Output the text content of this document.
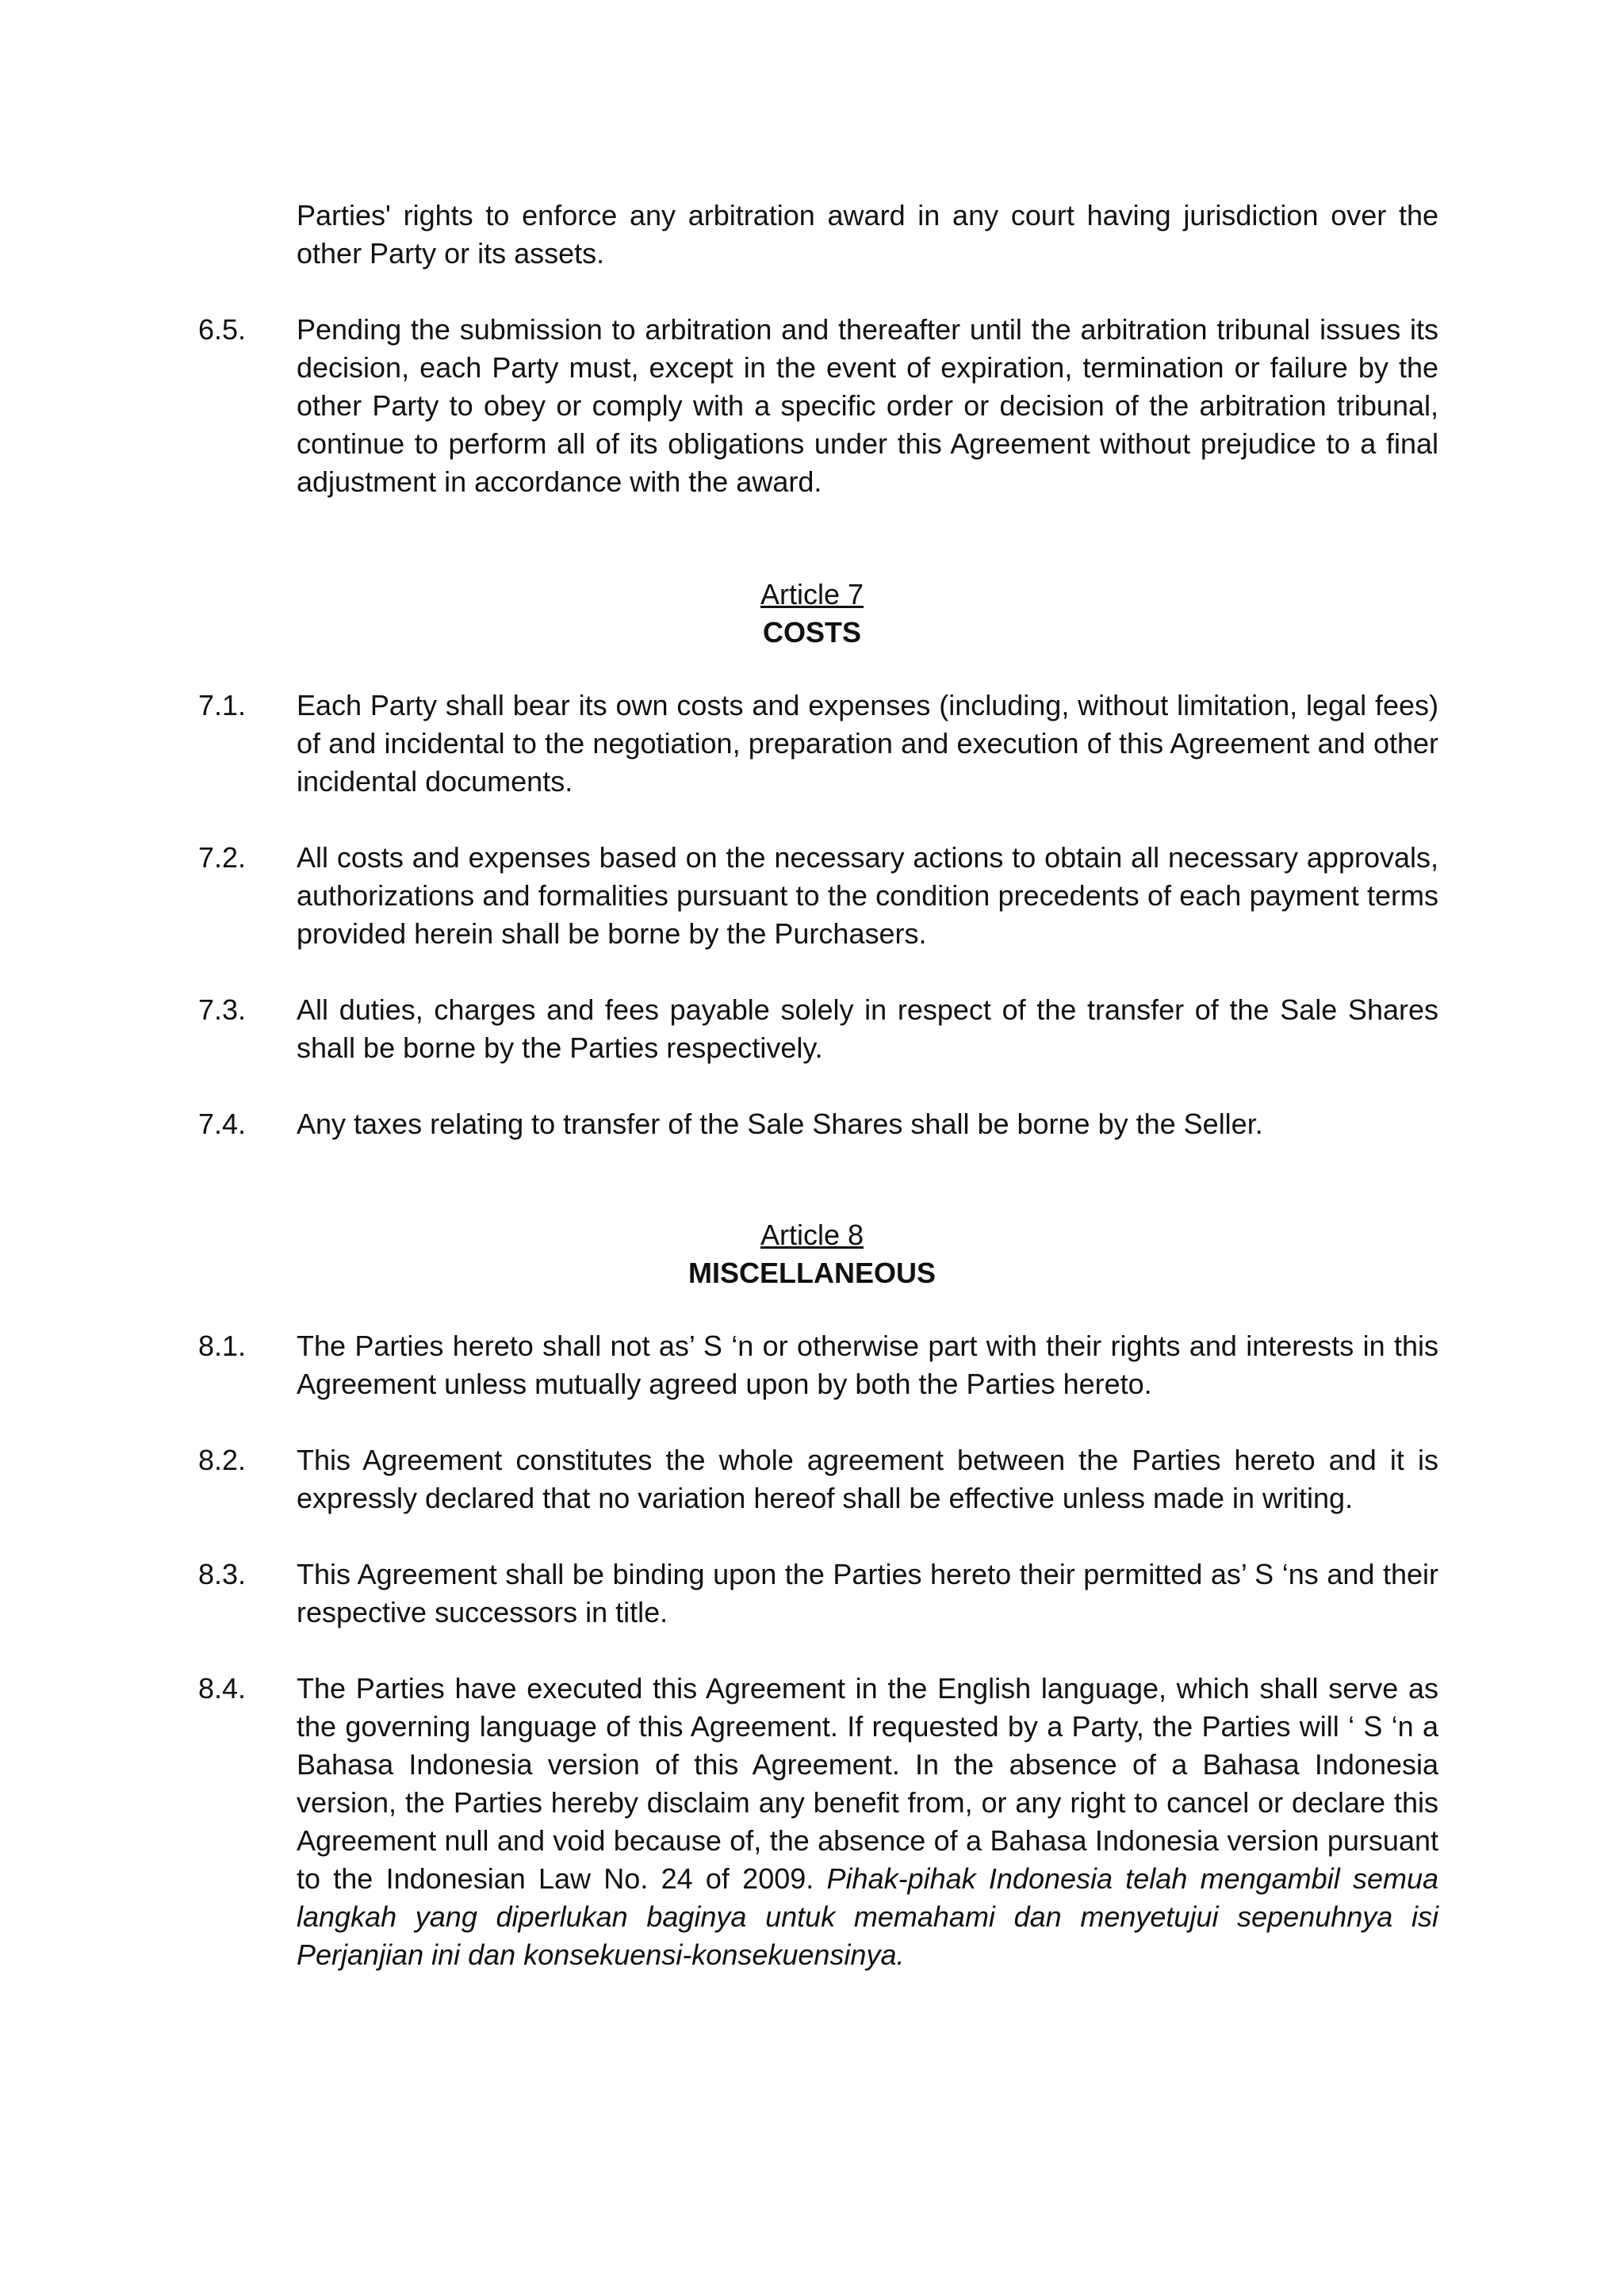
Parties' rights to enforce any arbitration award in any court having jurisdiction over the other Party or its assets.

6.5. Pending the submission to arbitration and thereafter until the arbitration tribunal issues its decision, each Party must, except in the event of expiration, termination or failure by the other Party to obey or comply with a specific order or decision of the arbitration tribunal, continue to perform all of its obligations under this Agreement without prejudice to a final adjustment in accordance with the award.

Article 7
COSTS

7.1. Each Party shall bear its own costs and expenses (including, without limitation, legal fees) of and incidental to the negotiation, preparation and execution of this Agreement and other incidental documents.

7.2. All costs and expenses based on the necessary actions to obtain all necessary approvals, authorizations and formalities pursuant to the condition precedents of each payment terms provided herein shall be borne by the Purchasers.

7.3. All duties, charges and fees payable solely in respect of the transfer of the Sale Shares shall be borne by the Parties respectively.

7.4. Any taxes relating to transfer of the Sale Shares shall be borne by the Seller.

Article 8
MISCELLANEOUS

8.1. The Parties hereto shall not as’ S ‘n or otherwise part with their rights and interests in this Agreement unless mutually agreed upon by both the Parties hereto.

8.2. This Agreement constitutes the whole agreement between the Parties hereto and it is expressly declared that no variation hereof shall be effective unless made in writing.

8.3. This Agreement shall be binding upon the Parties hereto their permitted as’ S ‘ns and their respective successors in title.

8.4. The Parties have executed this Agreement in the English language, which shall serve as the governing language of this Agreement. If requested by a Party, the Parties will ‘ S ‘n a Bahasa Indonesia version of this Agreement. In the absence of a Bahasa Indonesia version, the Parties hereby disclaim any benefit from, or any right to cancel or declare this Agreement null and void because of, the absence of a Bahasa Indonesia version pursuant to the Indonesian Law No. 24 of 2009. Pihak-pihak Indonesia telah mengambil semua langkah yang diperlukan baginya untuk memahami dan menyetujui sepenuhnya isi Perjanjian ini dan konsekuensi-konsekuensinya.
